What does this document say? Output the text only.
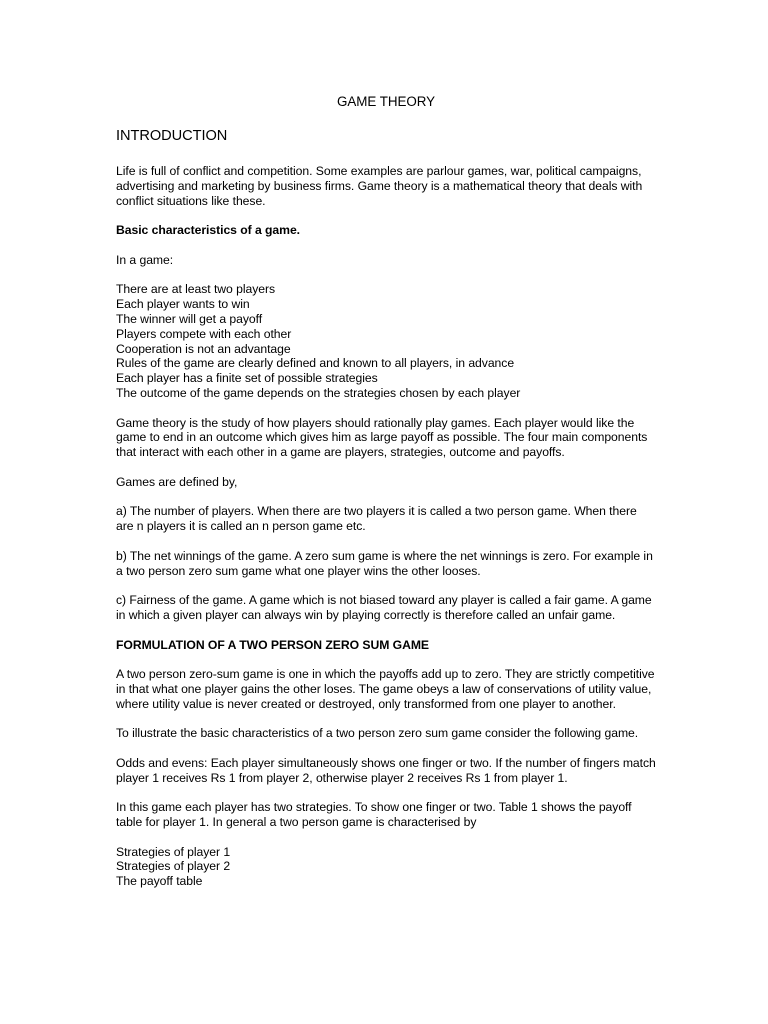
GAME THEORY
INTRODUCTION

Life is full of conflict and competition. Some examples are parlour games, war, political campaigns, advertising and marketing by business firms. Game theory is a mathematical theory that deals with conflict situations like these.

Basic characteristics of a game.

In a game:

There are at least two players
Each player wants to win
The winner will get a payoff
Players compete with each other
Cooperation is not an advantage
Rules of the game are clearly defined and known to all players, in advance
Each player has a finite set of possible strategies
The outcome of the game depends on the strategies chosen by each player

Game theory is the study of how players should rationally play games. Each player would like the game to end in an outcome which gives him as large payoff as possible. The four main components that interact with each other in a game are players, strategies, outcome and payoffs.

Games are defined by,

a) The number of players. When there are two players it is called a two person game. When there are n players it is called an n person game etc.

b) The net winnings of the game. A zero sum game is where the net winnings is zero. For example in a two person zero sum game what one player wins the other looses.

c) Fairness of the game. A game which is not biased toward any player is called a fair game. A game in which a given player can always win by playing correctly is therefore called an unfair game.

FORMULATION OF A TWO PERSON ZERO SUM GAME

A two person zero-sum game is one in which the payoffs add up to zero. They are strictly competitive in that what one player gains the other loses. The game obeys a law of conservations of utility value, where utility value is never created or destroyed, only transformed from one player to another.

To illustrate the basic characteristics of a two person zero sum game consider the following game.

Odds and evens: Each player simultaneously shows one finger or two. If the number of fingers match player 1 receives Rs 1 from player 2, otherwise player 2 receives Rs 1 from player 1.

In this game each player has two strategies. To show one finger or two. Table 1 shows the payoff table for player 1. In general a two person game is characterised by

Strategies of player 1
Strategies of player 2
The payoff table
